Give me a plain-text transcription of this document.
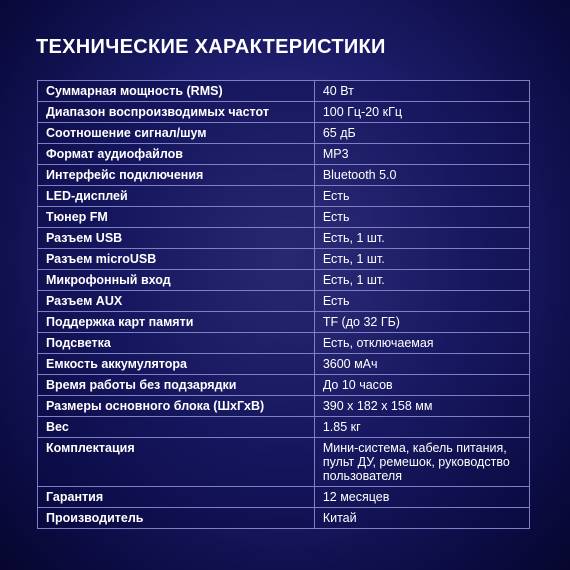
ТЕХНИЧЕСКИЕ ХАРАКТЕРИСТИКИ
Суммарная мощность (RMS)	40 Вт
Диапазон воспроизводимых частот	100 Гц-20 кГц
Соотношение сигнал/шум	65 дБ
Формат аудиофайлов	MP3
Интерфейс подключения	Bluetooth 5.0
LED-дисплей	Есть
Тюнер FM	Есть
Разъем USB	Есть, 1 шт.
Разъем microUSB	Есть, 1 шт.
Микрофонный вход	Есть, 1 шт.
Разъем AUX	Есть
Поддержка карт памяти	TF (до 32 ГБ)
Подсветка	Есть, отключаемая
Емкость аккумулятора	3600 мАч
Время работы без подзарядки	До 10 часов
Размеры основного блока (ШхГхВ)	390 х 182 х 158 мм
Вес	1.85 кг
Комплектация	Мини-система, кабель питания, пульт ДУ, ремешок, руководство пользователя
Гарантия	12 месяцев
Производитель	Китай
